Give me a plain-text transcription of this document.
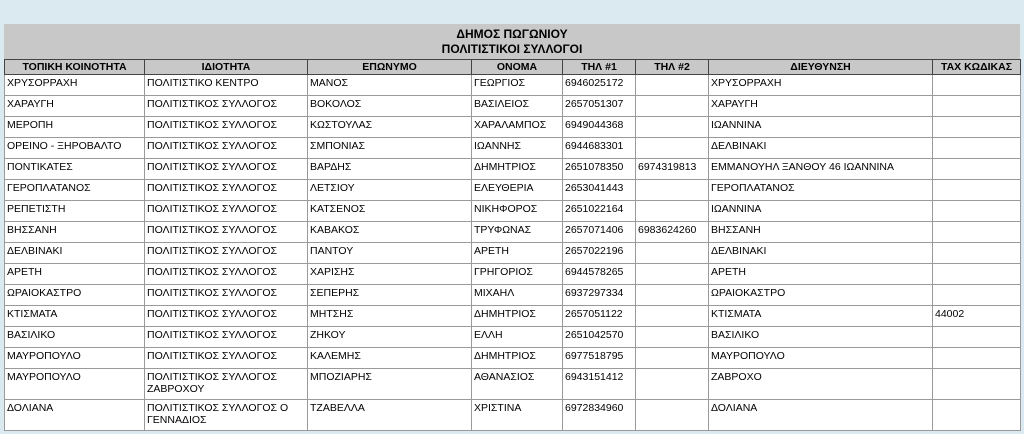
ΔΗΜΟΣ ΠΩΓΩΝΙΟΥ
ΠΟΛΙΤΙΣΤΙΚΟΙ ΣΥΛΛΟΓΟΙ
ΤΟΠΙΚΗ ΚΟΙΝΟΤΗΤΑ	ΙΔΙΟΤΗΤΑ	ΕΠΩΝΥΜΟ	ΟΝΟΜΑ	ΤΗΛ #1	ΤΗΛ #2	ΔΙΕΥΘΥΝΣΗ	ΤΑΧ ΚΩΔΙΚΑΣ
ΧΡΥΣΟΡΡΑΧΗ	ΠΟΛΙΤΙΣΤΙΚΟ ΚΕΝΤΡΟ	ΜΑΝΟΣ	ΓΕΩΡΓΙΟΣ	6946025172		ΧΡΥΣΟΡΡΑΧΗ	
ΧΑΡΑΥΓΗ	ΠΟΛΙΤΙΣΤΙΚΟΣ ΣΥΛΛΟΓΟΣ	ΒΟΚΟΛΟΣ	ΒΑΣΙΛΕΙΟΣ	2657051307		ΧΑΡΑΥΓΗ	
ΜΕΡΟΠΗ	ΠΟΛΙΤΙΣΤΙΚΟΣ ΣΥΛΛΟΓΟΣ	ΚΩΣΤΟΥΛΑΣ	ΧΑΡΑΛΑΜΠΟΣ	6949044368		ΙΩΑΝΝΙΝΑ	
ΟΡΕΙΝΟ - ΞΗΡΟΒΑΛΤΟ	ΠΟΛΙΤΙΣΤΙΚΟΣ ΣΥΛΛΟΓΟΣ	ΣΜΠΟΝΙΑΣ	ΙΩΑΝΝΗΣ	6944683301		ΔΕΛΒΙΝΑΚΙ	
ΠΟΝΤΙΚΑΤΕΣ	ΠΟΛΙΤΙΣΤΙΚΟΣ ΣΥΛΛΟΓΟΣ	ΒΑΡΔΗΣ	ΔΗΜΗΤΡΙΟΣ	2651078350	6974319813	ΕΜΜΑΝΟΥΗΛ ΞΑΝΘΟΥ 46 ΙΩΑΝΝΙΝΑ	
ΓΕΡΟΠΛΑΤΑΝΟΣ	ΠΟΛΙΤΙΣΤΙΚΟΣ ΣΥΛΛΟΓΟΣ	ΛΕΤΣΙΟΥ	ΕΛΕΥΘΕΡΙΑ	2653041443		ΓΕΡΟΠΛΑΤΑΝΟΣ	
ΡΕΠΕΤΙΣΤΗ	ΠΟΛΙΤΙΣΤΙΚΟΣ ΣΥΛΛΟΓΟΣ	ΚΑΤΣΕΝΟΣ	ΝΙΚΗΦΟΡΟΣ	2651022164		ΙΩΑΝΝΙΝΑ	
ΒΗΣΣΑΝΗ	ΠΟΛΙΤΙΣΤΙΚΟΣ ΣΥΛΛΟΓΟΣ	ΚΑΒΑΚΟΣ	ΤΡΥΦΩΝΑΣ	2657071406	6983624260	ΒΗΣΣΑΝΗ	
ΔΕΛΒΙΝΑΚΙ	ΠΟΛΙΤΙΣΤΙΚΟΣ ΣΥΛΛΟΓΟΣ	ΠΑΝΤΟΥ	ΑΡΕΤΗ	2657022196		ΔΕΛΒΙΝΑΚΙ	
ΑΡΕΤΗ	ΠΟΛΙΤΙΣΤΙΚΟΣ ΣΥΛΛΟΓΟΣ	ΧΑΡΙΣΗΣ	ΓΡΗΓΟΡΙΟΣ	6944578265		ΑΡΕΤΗ	
ΩΡΑΙΟΚΑΣΤΡΟ	ΠΟΛΙΤΙΣΤΙΚΟΣ ΣΥΛΛΟΓΟΣ	ΣΕΠΕΡΗΣ	ΜΙΧΑΗΛ	6937297334		ΩΡΑΙΟΚΑΣΤΡΟ	
ΚΤΙΣΜΑΤΑ	ΠΟΛΙΤΙΣΤΙΚΟΣ ΣΥΛΛΟΓΟΣ	ΜΗΤΣΗΣ	ΔΗΜΗΤΡΙΟΣ	2657051122		ΚΤΙΣΜΑΤΑ	44002
ΒΑΣΙΛΙΚΟ	ΠΟΛΙΤΙΣΤΙΚΟΣ ΣΥΛΛΟΓΟΣ	ΖΗΚΟΥ	ΕΛΛΗ	2651042570		ΒΑΣΙΛΙΚΟ	
ΜΑΥΡΟΠΟΥΛΟ	ΠΟΛΙΤΙΣΤΙΚΟΣ ΣΥΛΛΟΓΟΣ	ΚΑΛΕΜΗΣ	ΔΗΜΗΤΡΙΟΣ	6977518795		ΜΑΥΡΟΠΟΥΛΟ	
ΜΑΥΡΟΠΟΥΛΟ	ΠΟΛΙΤΙΣΤΙΚΟΣ ΣΥΛΛΟΓΟΣ ΖΑΒΡΟΧΟΥ	ΜΠΟΖΙΑΡΗΣ	ΑΘΑΝΑΣΙΟΣ	6943151412		ΖΑΒΡΟΧΟ	
ΔΟΛΙΑΝΑ	ΠΟΛΙΤΙΣΤΙΚΟΣ ΣΥΛΛΟΓΟΣ Ο ΓΕΝΝΑΔΙΟΣ	ΤΖΑΒΕΛΛΑ	ΧΡΙΣΤΙΝΑ	6972834960		ΔΟΛΙΑΝΑ	
